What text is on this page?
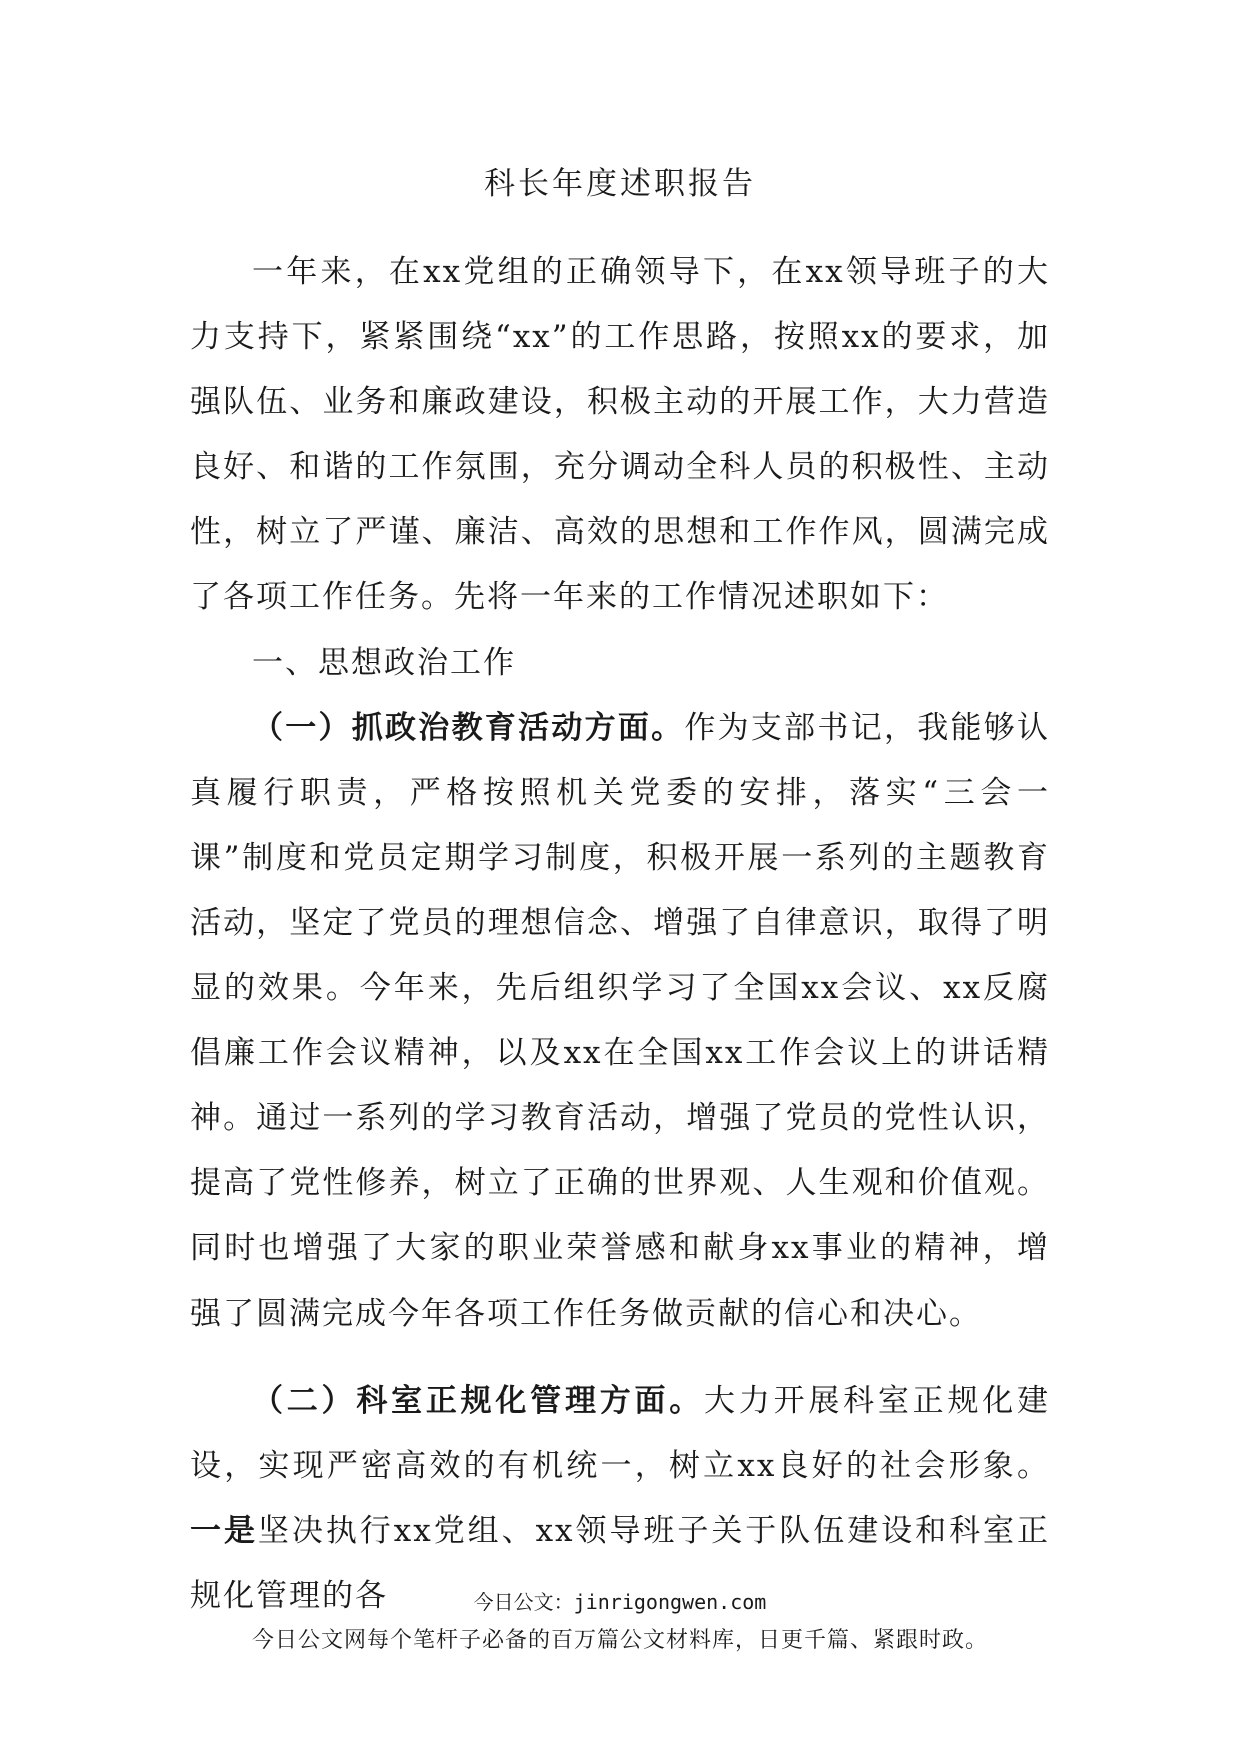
科长年度述职报告

一年来，在xx党组的正确领导下，在xx领导班子的大力支持下，紧紧围绕“xx”的工作思路，按照xx的要求，加强队伍、业务和廉政建设，积极主动的开展工作，大力营造良好、和谐的工作氛围，充分调动全科人员的积极性、主动性，树立了严谨、廉洁、高效的思想和工作作风，圆满完成了各项工作任务。先将一年来的工作情况述职如下：

一、思想政治工作

（一）抓政治教育活动方面。作为支部书记，我能够认真履行职责，严格按照机关党委的安排，落实“三会一课”制度和党员定期学习制度，积极开展一系列的主题教育活动，坚定了党员的理想信念、增强了自律意识，取得了明显的效果。今年来，先后组织学习了全国xx会议、xx反腐倡廉工作会议精神，以及xx在全国xx工作会议上的讲话精神。通过一系列的学习教育活动，增强了党员的党性认识，提高了党性修养，树立了正确的世界观、人生观和价值观。同时也增强了大家的职业荣誉感和献身xx事业的精神，增强了圆满完成今年各项工作任务做贡献的信心和决心。

（二）科室正规化管理方面。大力开展科室正规化建设，实现严密高效的有机统一，树立xx良好的社会形象。一是坚决执行xx党组、xx领导班子关于队伍建设和科室正规化管理的各	今日公文：jinrigongwen.com
今日公文网每个笔杆子必备的百万篇公文材料库，日更千篇、紧跟时政。
